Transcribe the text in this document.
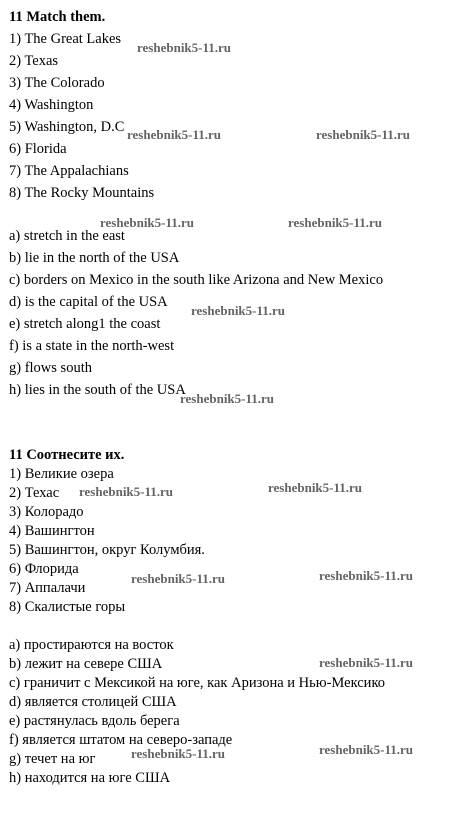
11 Match them.
1) The Great Lakes
2) Texas
3) The Colorado
4) Washington
5) Washington, D.C
6) Florida
7) The Appalachians
8) The Rocky Mountains
a) stretch in the east
b) lie in the north of the USA
c) borders on Mexico in the south like Arizona and New Mexico
d) is the capital of the USA
e) stretch along1 the coast
f) is a state in the north-west
g) flows south
h) lies in the south of the USA
11 Соотнесите их.
1) Великие озера
2) Техас
3) Колорадо
4) Вашингтон
5) Вашингтон, округ Колумбия.
6) Флорида
7) Аппалачи
8) Скалистые горы
a) простираются на восток
b) лежит на севере США
c) граничит с Мексикой на юге, как Аризона и Нью-Мексико
d) является столицей США
e) растянулась вдоль берега
f) является штатом на северо-западе
g) течет на юг
h) находится на юге США
reshebnik5-11.ru
reshebnik5-11.ru	reshebnik5-11.ru
reshebnik5-11.ru	reshebnik5-11.ru
reshebnik5-11.ru
reshebnik5-11.ru
reshebnik5-11.ru	reshebnik5-11.ru
reshebnik5-11.ru	reshebnik5-11.ru
reshebnik5-11.ru
reshebnik5-11.ru	reshebnik5-11.ru
